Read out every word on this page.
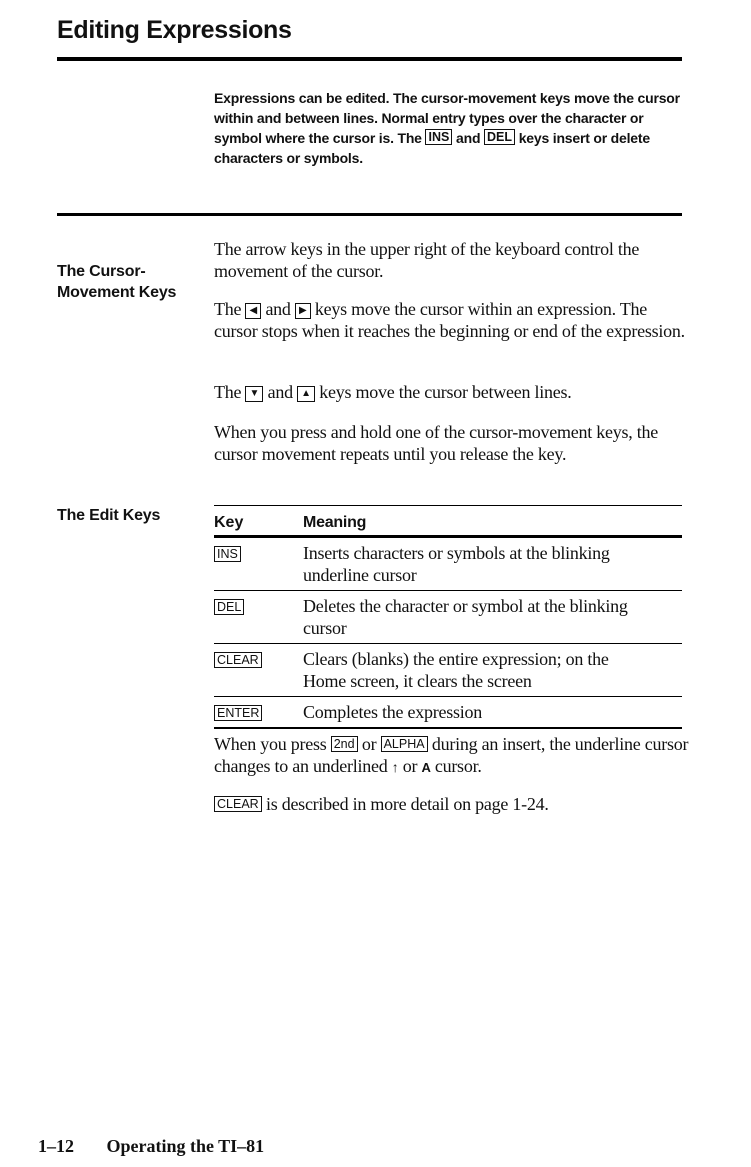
Editing Expressions
Expressions can be edited. The cursor-movement keys move the cursor within and between lines. Normal entry types over the character or symbol where the cursor is. The INS and DEL keys insert or delete characters or symbols.
The Cursor-
Movement Keys

The arrow keys in the upper right of the keyboard control the movement of the cursor.

The ◀ and ▶ keys move the cursor within an expression. The cursor stops when it reaches the beginning or end of the expression.

The ▼ and ▲ keys move the cursor between lines.

When you press and hold one of the cursor-movement keys, the cursor movement repeats until you release the key.

The Edit Keys	Key	Meaning
INS	Inserts characters or symbols at the blinking underline cursor
DEL	Deletes the character or symbol at the blinking cursor
CLEAR Clears (blanks) the entire expression; on the Home screen, it clears the screen
ENTER Completes the expression

When you press 2nd or ALPHA during an insert, the underline cursor changes to an underlined ↑ or A cursor.

CLEAR is described in more detail on page 1-24.

1–12 Operating the TI–81
